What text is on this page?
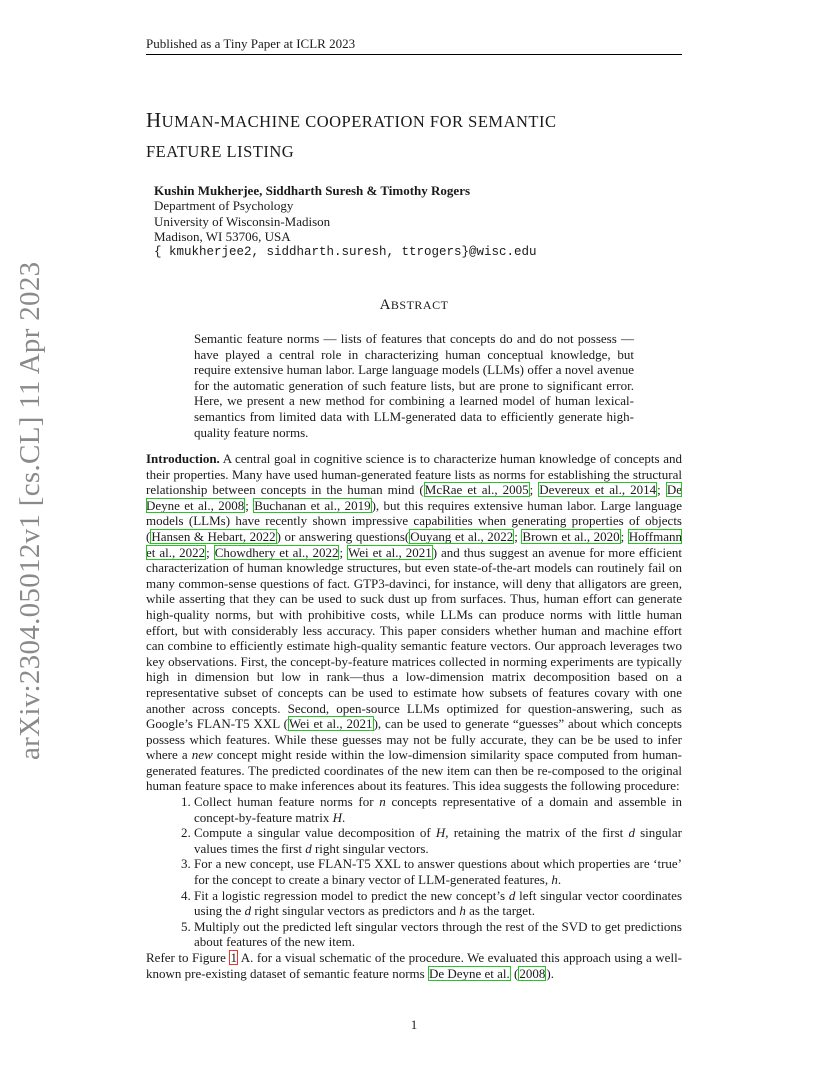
Published as a Tiny Paper at ICLR 2023
arXiv:2304.05012v1 [cs.CL] 11 Apr 2023
HUMAN-MACHINE COOPERATION FOR SEMANTIC
FEATURE LISTING
Kushin Mukherjee, Siddharth Suresh & Timothy Rogers
Department of Psychology
University of Wisconsin-Madison
Madison, WI 53706, USA
{ kmukherjee2, siddharth.suresh, ttrogers}@wisc.edu
ABSTRACT
Semantic feature norms — lists of features that concepts do and do not possess — have played a central role in characterizing human conceptual knowledge, but require extensive human labor. Large language models (LLMs) offer a novel avenue for the automatic generation of such feature lists, but are prone to significant error. Here, we present a new method for combining a learned model of human lexical-semantics from limited data with LLM-generated data to efficiently generate high-quality feature norms.

Introduction. A central goal in cognitive science is to characterize human knowledge of concepts and their properties. Many have used human-generated feature lists as norms for establishing the structural relationship between concepts in the human mind (McRae et al., 2005; Devereux et al., 2014; De Deyne et al., 2008; Buchanan et al., 2019), but this requires extensive human labor. Large language models (LLMs) have recently shown impressive capabilities when generating properties of objects (Hansen & Hebart, 2022) or answering questions(Ouyang et al., 2022; Brown et al., 2020; Hoffmann et al., 2022; Chowdhery et al., 2022; Wei et al., 2021) and thus suggest an avenue for more efficient characterization of human knowledge structures, but even state-of-the-art models can routinely fail on many common-sense questions of fact. GTP3-davinci, for instance, will deny that alligators are green, while asserting that they can be used to suck dust up from surfaces. Thus, human effort can generate high-quality norms, but with prohibitive costs, while LLMs can produce norms with little human effort, but with considerably less accuracy. This paper considers whether human and machine effort can combine to efficiently estimate high-quality semantic feature vectors. Our approach leverages two key observations. First, the concept-by-feature matrices collected in norming experiments are typically high in dimension but low in rank—thus a low-dimension matrix decomposition based on a representative subset of concepts can be used to estimate how subsets of features covary with one another across concepts. Second, open-source LLMs optimized for question-answering, such as Google’s FLAN-T5 XXL (Wei et al., 2021), can be used to generate “guesses” about which concepts possess which features. While these guesses may not be fully accurate, they can be be used to infer where a new concept might reside within the low-dimension similarity space computed from human-generated features. The predicted coordinates of the new item can then be re-composed to the original human feature space to make inferences about its features. This idea suggests the following procedure:

1. Collect human feature norms for n concepts representative of a domain and assemble in concept-by-feature matrix H.
2. Compute a singular value decomposition of H, retaining the matrix of the first d singular values times the first d right singular vectors.
3. For a new concept, use FLAN-T5 XXL to answer questions about which properties are ‘true’ for the concept to create a binary vector of LLM-generated features, h.
4. Fit a logistic regression model to predict the new concept’s d left singular vector coordinates using the d right singular vectors as predictors and h as the target.
5. Multiply out the predicted left singular vectors through the rest of the SVD to get predictions about features of the new item.

Refer to Figure 1 A. for a visual schematic of the procedure. We evaluated this approach using a well-known pre-existing dataset of semantic feature norms De Deyne et al. (2008).

1
